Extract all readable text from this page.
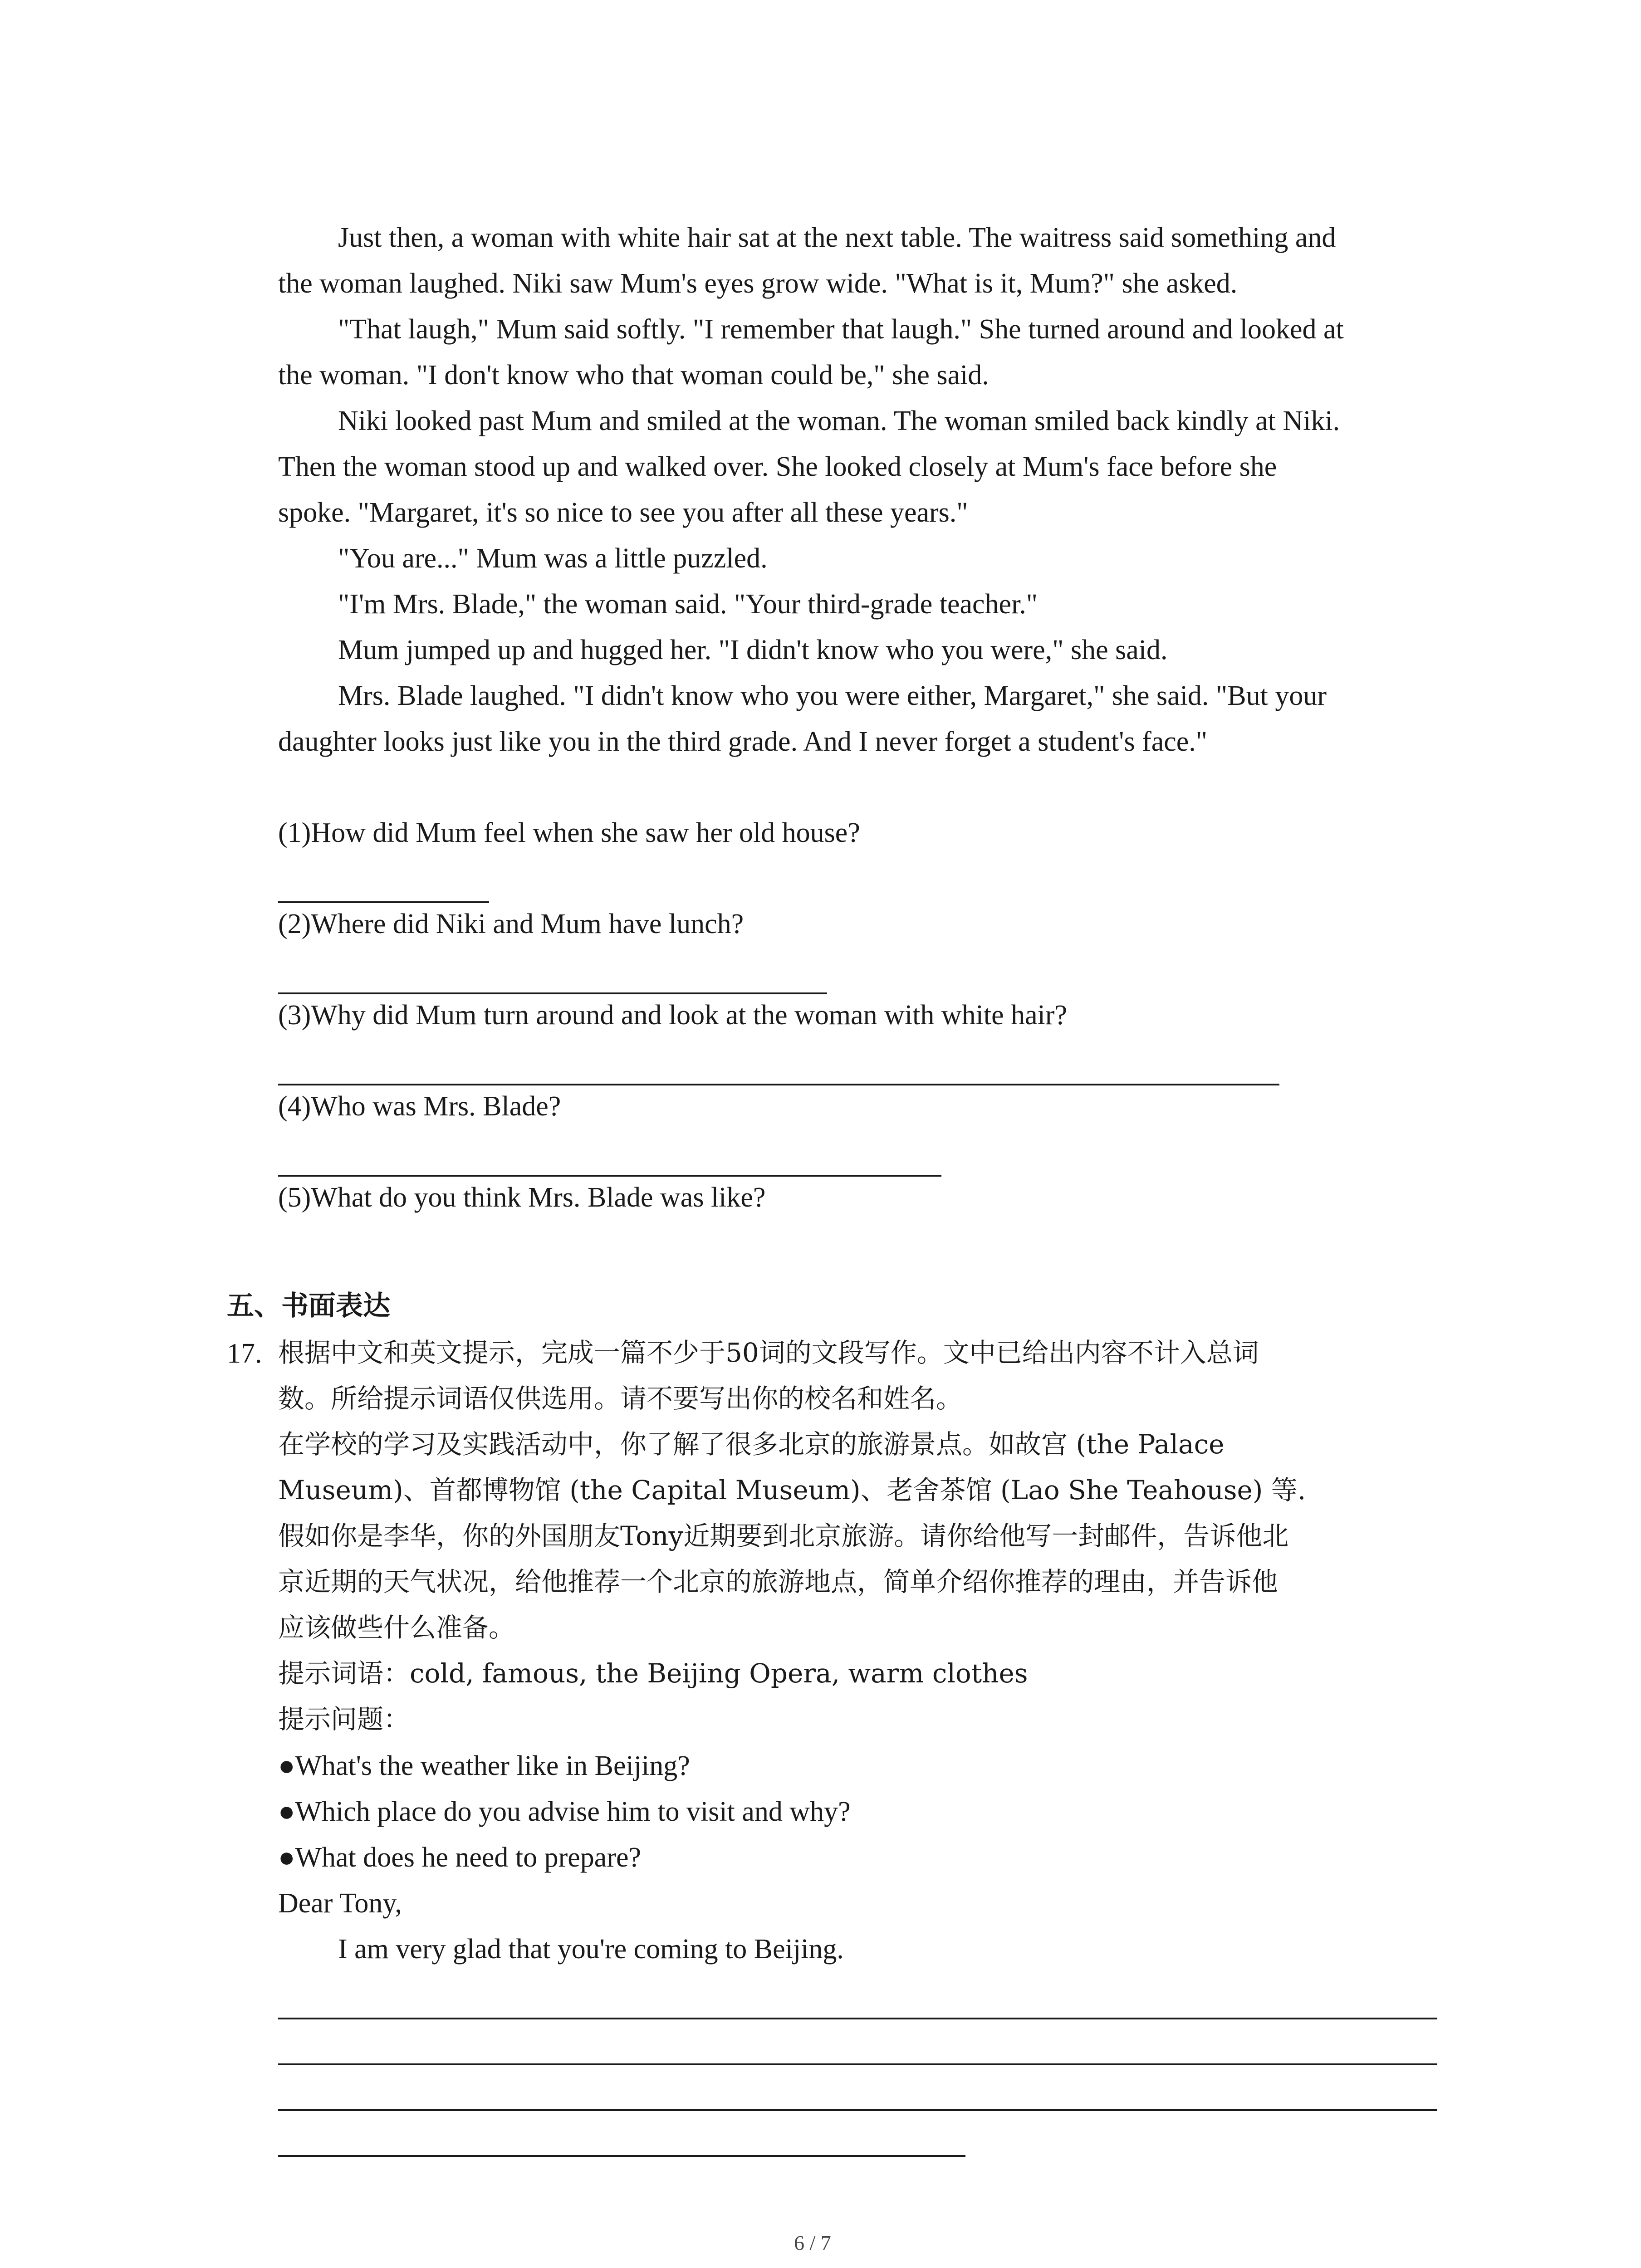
Just then, a woman with white hair sat at the next table. The waitress said something and
the woman laughed. Niki saw Mum's eyes grow wide. "What is it, Mum?" she asked.
"That laugh," Mum said softly. "I remember that laugh." She turned around and looked at
the woman. "I don't know who that woman could be," she said.
Niki looked past Mum and smiled at the woman. The woman smiled back kindly at Niki.
Then the woman stood up and walked over. She looked closely at Mum's face before she
spoke. "Margaret, it's so nice to see you after all these years."
"You are..." Mum was a little puzzled.
"I'm Mrs. Blade," the woman said. "Your third-grade teacher."
Mum jumped up and hugged her. "I didn't know who you were," she said.
Mrs. Blade laughed. "I didn't know who you were either, Margaret," she said. "But your
daughter looks just like you in the third grade. And I never forget a student's face."
(1)How did Mum feel when she saw her old house?
(2)Where did Niki and Mum have lunch?
(3)Why did Mum turn around and look at the woman with white hair?
(4)Who was Mrs. Blade?
(5)What do you think Mrs. Blade was like?
五、书面表达
17. 根据中文和英文提示，完成一篇不少于50词的文段写作。文中已给出内容不计入总词
数。所给提示词语仅供选用。请不要写出你的校名和姓名。
在学校的学习及实践活动中，你了解了很多北京的旅游景点。如故宫 (the Palace
Museum)、首都博物馆 (the Capital Museum)、老舍茶馆 (Lao She Teahouse) 等.
假如你是李华，你的外国朋友Tony近期要到北京旅游。请你给他写一封邮件，告诉他北
京近期的天气状况，给他推荐一个北京的旅游地点，简单介绍你推荐的理由，并告诉他
应该做些什么准备。
提示词语：cold, famous, the Beijing Opera, warm clothes
提示问题：
●What's the weather like in Beijing?
●Which place do you advise him to visit and why?
●What does he need to prepare?
Dear Tony,
I am very glad that you're coming to Beijing.
6 / 7
